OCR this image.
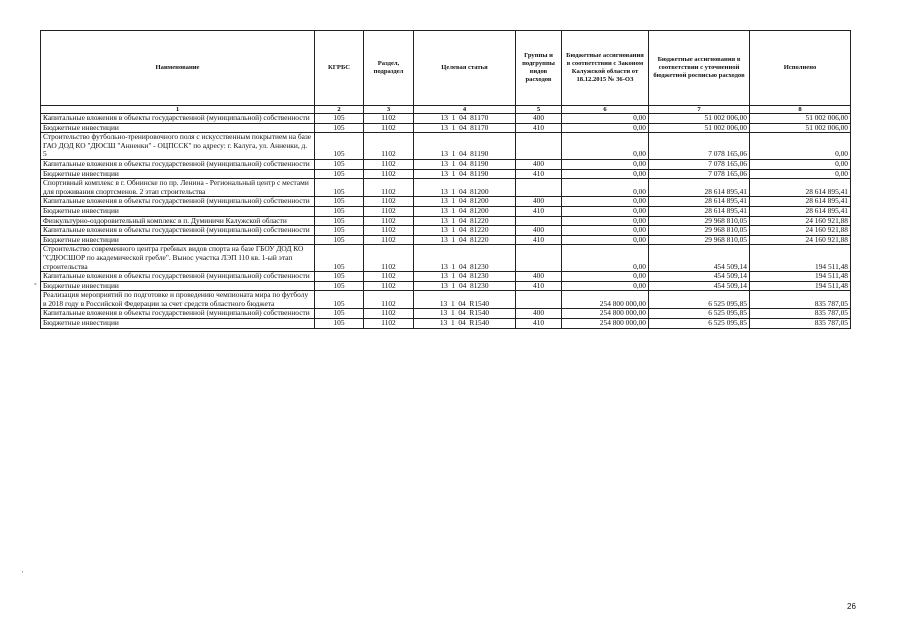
Наименование	КГРБС	Раздел, подраздел	Целевая статья	Группы и подгруппы видов расходов	Бюджетные ассигнования в соответствии с Законом Калужской области от 18.12.2015 № 36-ОЗ	Бюджетные ассигнования в соответствии с уточненной бюджетной росписью расходов	Исполнено
1	2	3	4	5	6	7	8
Капитальные вложения в объекты государственной (муниципальной) собственности	105	1102	13  1  04  81170	400	0,00	51 002 006,00	51 002 006,00
Бюджетные инвестиции	105	1102	13  1  04  81170	410	0,00	51 002 006,00	51 002 006,00
Строительство футбольно-тренировочного поля с искусственным покрытием на базе ГАО ДОД КО "ДЮСШ "Анненки" - ОЦПССК" по адресу: г. Калуга, ул. Анненки, д. 5	105	1102	13  1  04  81190		0,00	7 078 165,06	0,00
Капитальные вложения в объекты государственной (муниципальной) собственности	105	1102	13  1  04  81190	400	0,00	7 078 165,06	0,00
Бюджетные инвестиции	105	1102	13  1  04  81190	410	0,00	7 078 165,06	0,00
Спортивный комплекс в г. Обнинске по пр. Ленина - Региональный центр с местами для проживания спортсменов. 2 этап строительства	105	1102	13  1  04  81200		0,00	28 614 895,41	28 614 895,41
Капитальные вложения в объекты государственной (муниципальной) собственности	105	1102	13  1  04  81200	400	0,00	28 614 895,41	28 614 895,41
Бюджетные инвестиции	105	1102	13  1  04  81200	410	0,00	28 614 895,41	28 614 895,41
Физкультурно-оздоровительный комплекс в п. Думиничи Калужской области	105	1102	13  1  04  81220		0,00	29 968 810,05	24 160 921,88
Капитальные вложения в объекты государственной (муниципальной) собственности	105	1102	13  1  04  81220	400	0,00	29 968 810,05	24 160 921,88
Бюджетные инвестиции	105	1102	13  1  04  81220	410	0,00	29 968 810,05	24 160 921,88
Строительство современного центра гребных видов спорта на базе ГБОУ ДОД КО "СДЮСШОР по академической гребле". Вынос участка ЛЭП 110 кв. 1-ый этап строительства	105	1102	13  1  04  81230		0,00	454 509,14	194 511,48
Капитальные вложения в объекты государственной (муниципальной) собственности	105	1102	13  1  04  81230	400	0,00	454 509,14	194 511,48
Бюджетные инвестиции	105	1102	13  1  04  81230	410	0,00	454 509,14	194 511,48
Реализация мероприятий по подготовке и проведению чемпионата мира по футболу в 2018 году в Российской Федерации за счет средств областного бюджета	105	1102	13  1  04  R1540		254 800 000,00	6 525 095,85	835 787,05
Капитальные вложения в объекты государственной (муниципальной) собственности	105	1102	13  1  04  R1540	400	254 800 000,00	6 525 095,85	835 787,05
Бюджетные инвестиции	105	1102	13  1  04  R1540	410	254 800 000,00	6 525 095,85	835 787,05
°
'
26
